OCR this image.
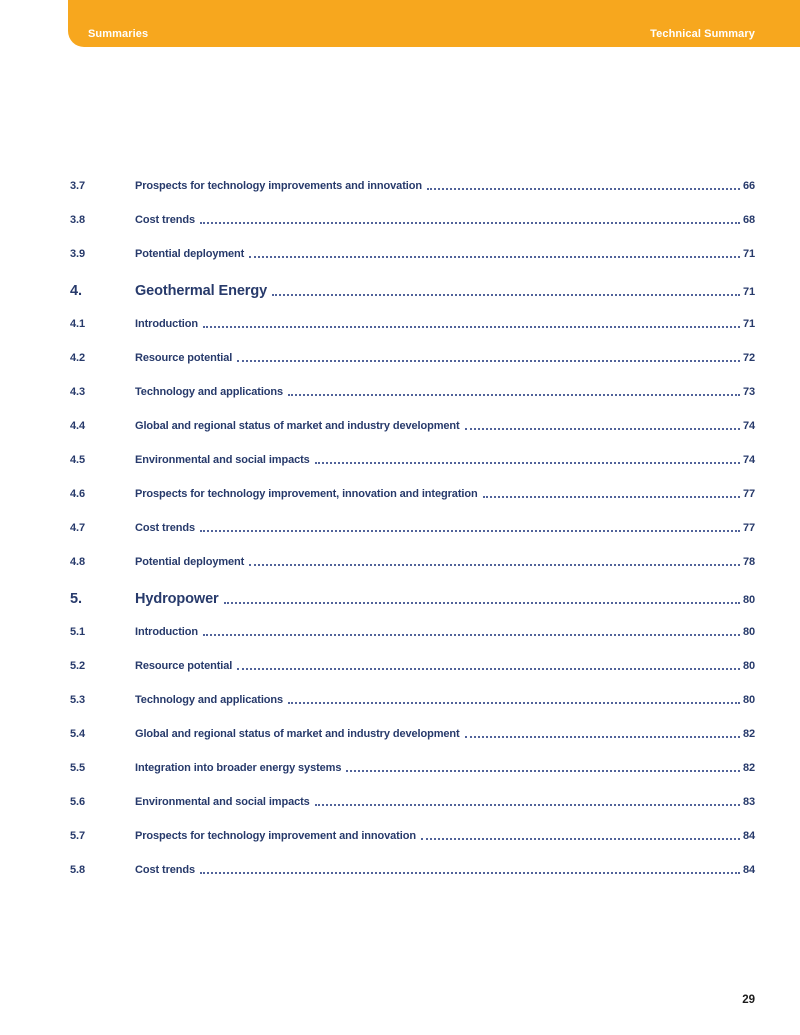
Summaries	Technical Summary
3.7	Prospects for technology improvements and innovation	66
3.8	Cost trends	68
3.9	Potential deployment	71
4.	Geothermal Energy	71
4.1	Introduction	71
4.2	Resource potential	72
4.3	Technology and applications	73
4.4	Global and regional status of market and industry development	74
4.5	Environmental and social impacts	74
4.6	Prospects for technology improvement, innovation and integration	77
4.7	Cost trends	77
4.8	Potential deployment	78
5.	Hydropower	80
5.1	Introduction	80
5.2	Resource potential	80
5.3	Technology and applications	80
5.4	Global and regional status of market and industry development	82
5.5	Integration into broader energy systems	82
5.6	Environmental and social impacts	83
5.7	Prospects for technology improvement and innovation	84
5.8	Cost trends	84
29
